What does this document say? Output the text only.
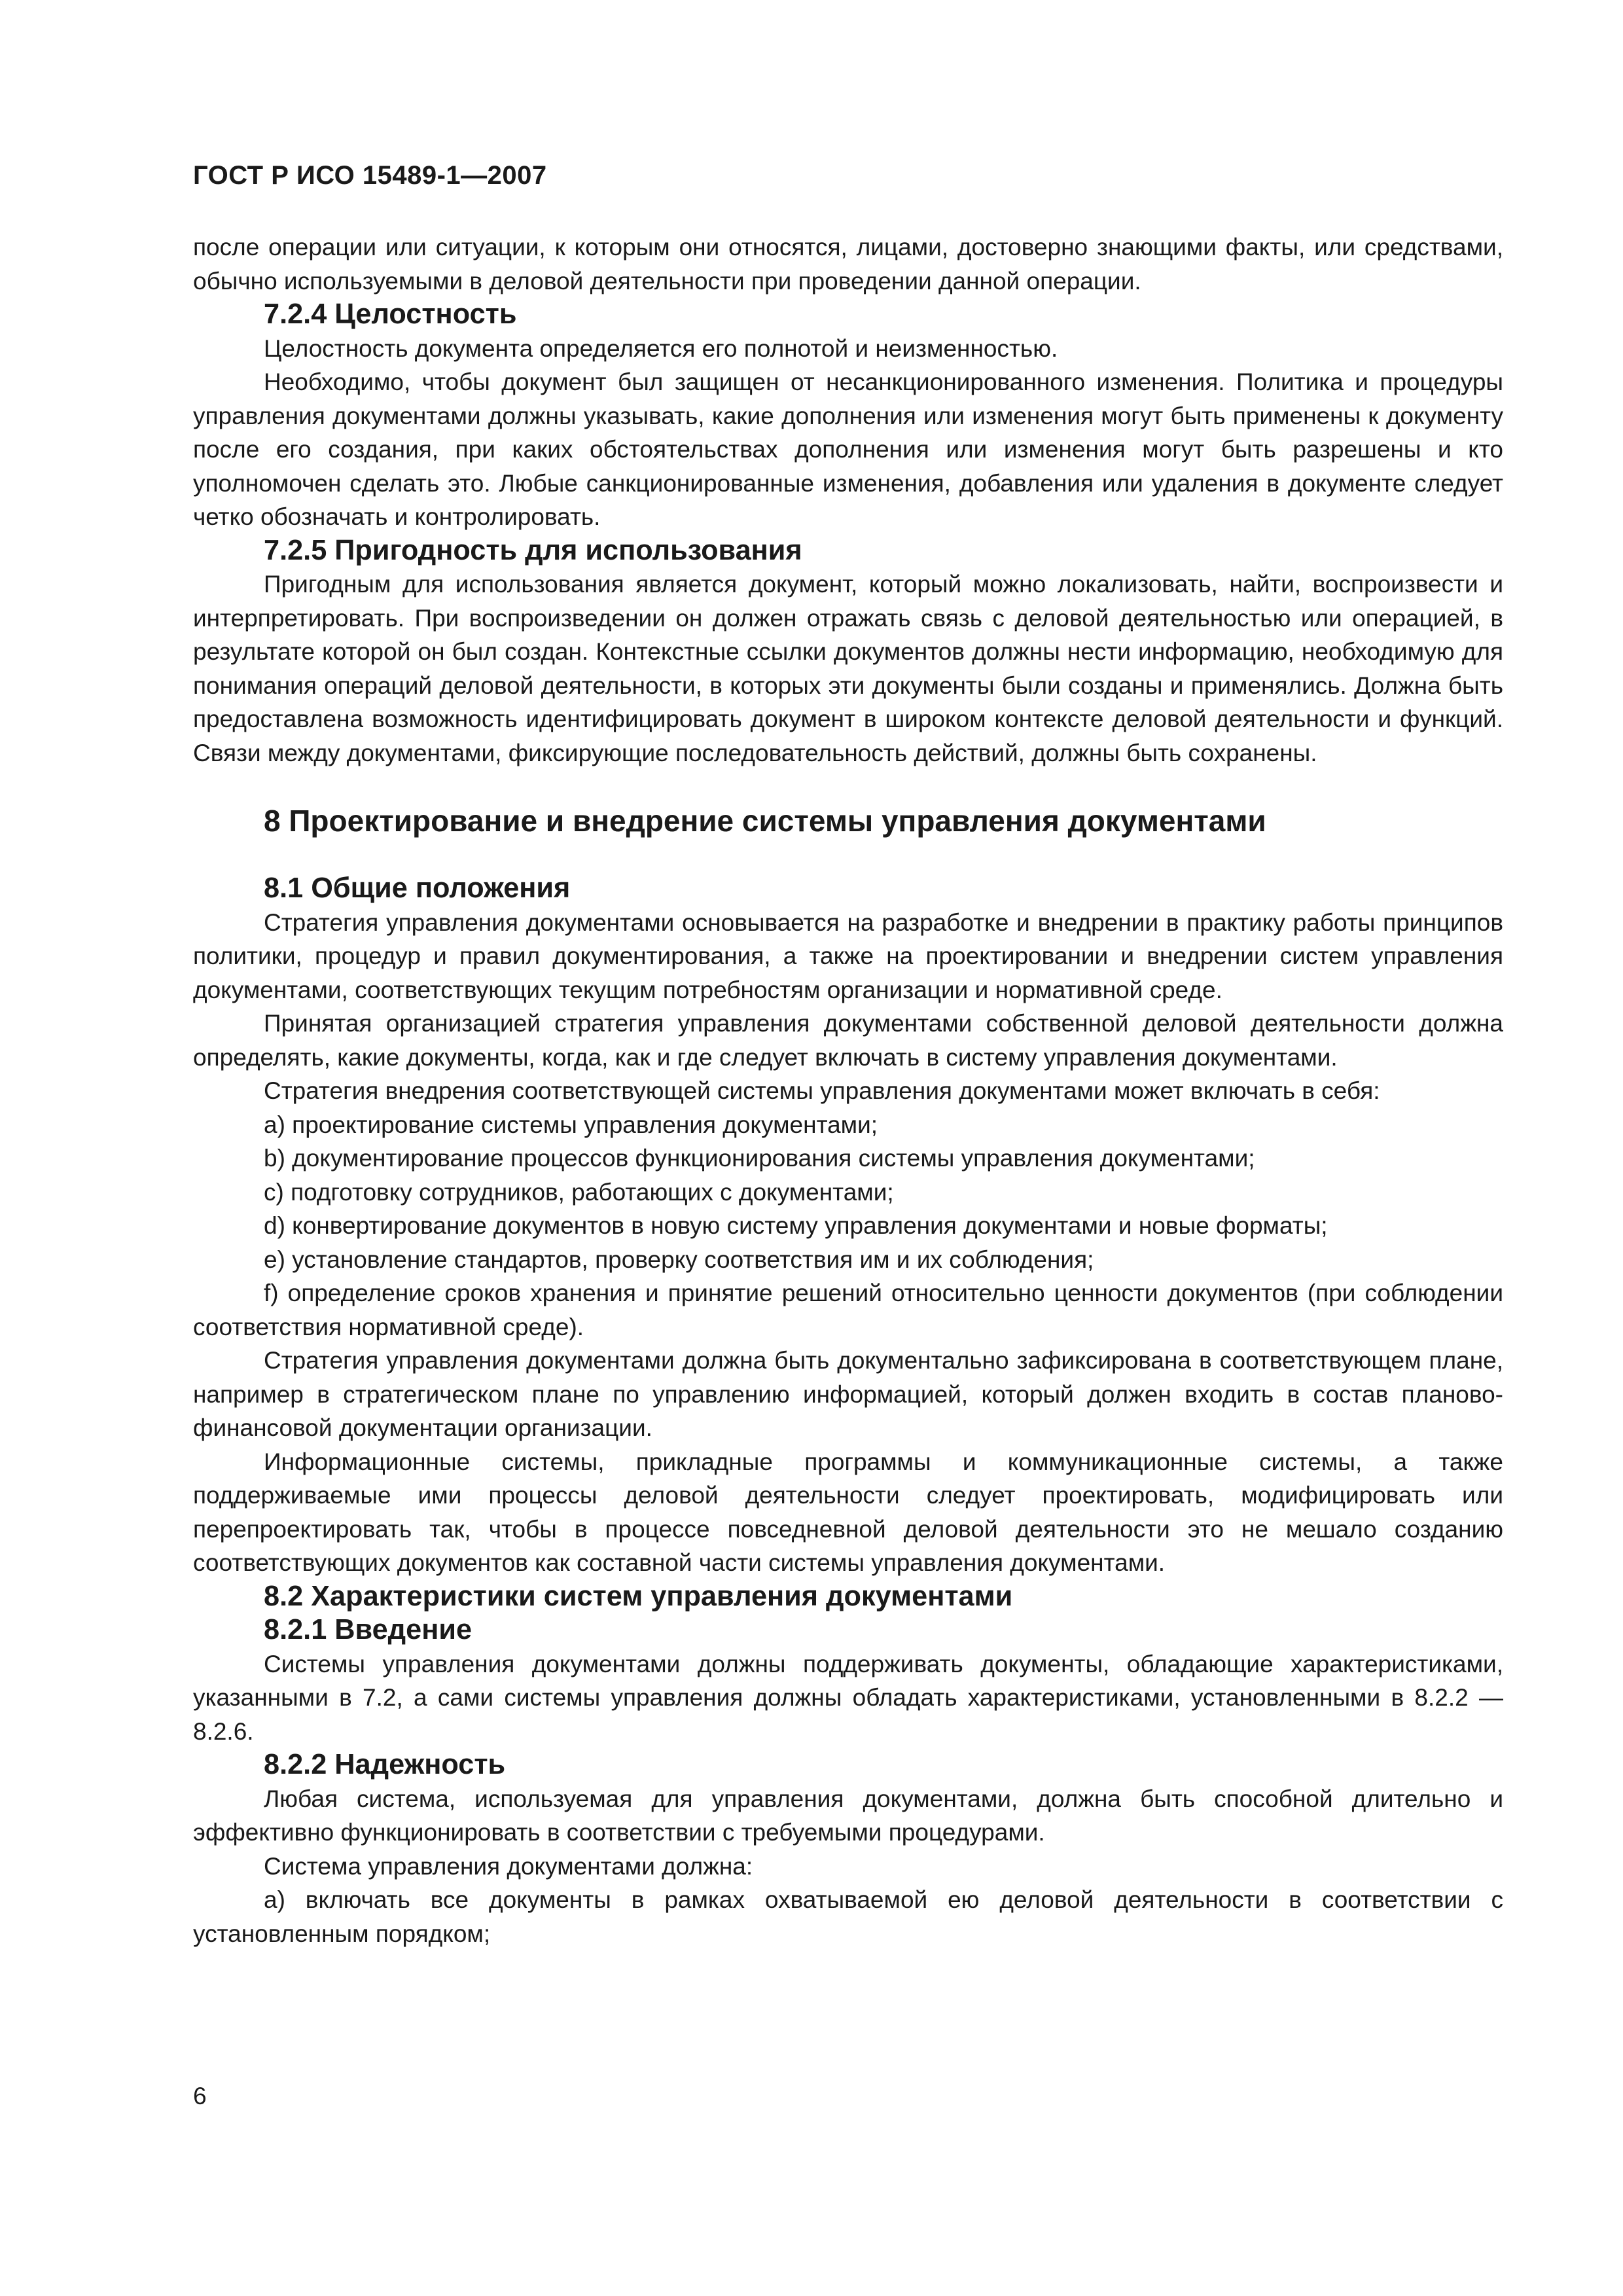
ГОСТ Р ИСО 15489-1—2007

после операции или ситуации, к которым они относятся, лицами, достоверно знающими факты, или средствами, обычно используемыми в деловой деятельности при проведении данной операции.

7.2.4 Целостность

Целостность документа определяется его полнотой и неизменностью.

Необходимо, чтобы документ был защищен от несанкционированного изменения. Политика и процедуры управления документами должны указывать, какие дополнения или изменения могут быть применены к документу после его создания, при каких обстоятельствах дополнения или изменения могут быть разрешены и кто уполномочен сделать это. Любые санкционированные изменения, добавления или удаления в документе следует четко обозначать и контролировать.

7.2.5 Пригодность для использования

Пригодным для использования является документ, который можно локализовать, найти, воспроизвести и интерпретировать. При воспроизведении он должен отражать связь с деловой деятельностью или операцией, в результате которой он был создан. Контекстные ссылки документов должны нести информацию, необходимую для понимания операций деловой деятельности, в которых эти документы были созданы и применялись. Должна быть предоставлена возможность идентифицировать документ в широком контексте деловой деятельности и функций. Связи между документами, фиксирующие последовательность действий, должны быть сохранены.

8 Проектирование и внедрение системы управления документами
8.1 Общие положения

Стратегия управления документами основывается на разработке и внедрении в практику работы принципов политики, процедур и правил документирования, а также на проектировании и внедрении систем управления документами, соответствующих текущим потребностям организации и нормативной среде.

Принятая организацией стратегия управления документами собственной деловой деятельности должна определять, какие документы, когда, как и где следует включать в систему управления документами.

Стратегия внедрения соответствующей системы управления документами может включать в себя:

a) проектирование системы управления документами;

b) документирование процессов функционирования системы управления документами;

c) подготовку сотрудников, работающих с документами;

d) конвертирование документов в новую систему управления документами и новые форматы;

e) установление стандартов, проверку соответствия им и их соблюдения;

f) определение сроков хранения и принятие решений относительно ценности документов (при соблюдении соответствия нормативной среде).

Стратегия управления документами должна быть документально зафиксирована в соответствующем плане, например в стратегическом плане по управлению информацией, который должен входить в состав планово-финансовой документации организации.

Информационные системы, прикладные программы и коммуникационные системы, а также поддерживаемые ими процессы деловой деятельности следует проектировать, модифицировать или перепроектировать так, чтобы в процессе повседневной деловой деятельности это не мешало созданию соответствующих документов как составной части системы управления документами.

8.2 Характеристики систем управления документами
8.2.1 Введение

Системы управления документами должны поддерживать документы, обладающие характеристиками, указанными в 7.2, а сами системы управления должны обладать характеристиками, установленными в 8.2.2 — 8.2.6.

8.2.2 Надежность

Любая система, используемая для управления документами, должна быть способной длительно и эффективно функционировать в соответствии с требуемыми процедурами.

Система управления документами должна:

a) включать все документы в рамках охватываемой ею деловой деятельности в соответствии с установленным порядком;

6
